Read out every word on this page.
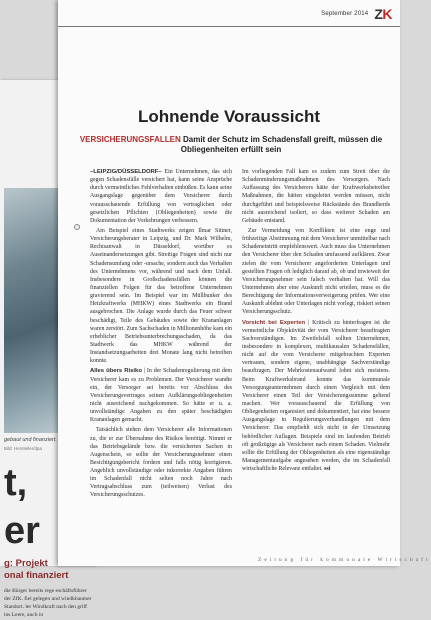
gebaut und finanziert.
Bild: Hersteller/dpa
t,
er
g: Projekt
onal finanziert
die Bürger bereits rege eschäftsführer der ZfK. fiel gelegen und windkbaumer Standort. ler Windkraft nach den griff ins Leere, auch in
September 2014 ZK
Lohnende Voraussicht
VERSICHERUNGSFALLEN Damit der Schutz im Schadensfall greift, müssen die Obliegenheiten erfüllt sein

–LEIPZIG/DÜSSELDORF– Ein Unternehmen, das sich gegen Schadensfälle versichert hat, kann seine Ansprüche durch vermeintliches Fehlverhalten einbüßen. Es kann seine Ausgangslage gegenüber dem Versicherer durch vorausschauende Erfüllung von vertraglichen oder gesetzlichen Pflichten (Obliegenheiten) sowie die Dokumentation der Vorkehrungen verbessern.

Am Beispiel eines Stadtwerks zeigen Ilmar Sittner, Versicherungsberater in Leipzig, und Dr. Mark Wilhelm, Rechtsanwalt in Düsseldorf, worüber es Auseinandersetzungen gibt. Streitige Fragen sind nicht nur Schadensumfang oder -ursache, sondern auch das Verhalten des Unternehmens vor, während und nach dem Unfall. Insbesondere in Großschadensfällen können die finanziellen Folgen für das betroffene Unternehmen gravierend sein. Im Beispiel war im Müllbunker des Heizkraftwerks (MHKW) eines Stadtwerks ein Brand ausgebrochen. Die Anlage wurde durch das Feuer schwer beschädigt, Teile des Gebäudes sowie der Krananlagen waren zerstört. Zum Sachschaden in Millionenhöhe kam ein erheblicher Betriebsunterbrechungsschaden, da das Stadtwerk das MHKW während der Instandsetzungsarbeiten drei Monate lang nicht betreiben konnte.

Alles übers Risiko | In der Schadenregulierung mit dem Versicherer kam es zu Problemen. Der Versicherer wandte ein, der Versorger sei bereits vor Abschluss des Versicherungsvertrages seinen Aufklärungsobliegenheiten nicht ausreichend nachgekommen. So hätte er u. a. unvollständige Angaben zu den später beschädigten Krananlagen gemacht.

Tatsächlich stehen dem Versicherer alle Informationen zu, die er zur Übernahme des Risikos benötigt. Nimmt er das Betriebsgelände bzw. die versicherten Sachen in Augenschein, so sollte der Versicherungsnehmer einen Besichtigungsbericht fordern und falls nötig korrigieren. Angeblich unvollständige oder inkorrekte Angaben führen im Schadenfall nicht selten noch Jahre nach Vertragsabschluss zum (teilweisen) Verlust des Versicherungsschutzes.

Im vorliegenden Fall kam es zudem zum Streit über die Schadenminderungsmaßnahmen des Versorgers. Nach Auffassung des Versicherers hätte der Kraftwerksbetreiber Maßnahmen, die hätten eingeleitet werden müssen, nicht durchgeführt und beispielsweise Rückstände des Brandherds nicht ausreichend isoliert, so dass weiterer Schaden am Gebäude entstand.

Zur Vermeidung von Konflikten ist eine enge und frühzeitige Abstimmung mit dem Versicherer unmittelbar nach Schadeneintritt empfehlenswert. Auch muss das Unternehmen den Versicherer über den Schaden umfassend aufklären. Zwar zielen die vom Versicherer angeforderten Unterlagen und gestellten Fragen oft lediglich darauf ab, ob und inwieweit der Versicherungsnehmer sein falsch verhalten hat. Will das Unternehmen aber eine Auskunft nicht erteilen, muss es die Berechtigung der Informationsverweigerung prüfen. Wer eine Auskunft ablehnt oder Unterlagen nicht vorlegt, riskiert seinen Versicherungsschutz.

Vorsicht bei Experten | Kritisch zu hinterfragen ist die vermeintliche Objektivität der vom Versicherer beauftragten Sachverständigen. Im Zweifelsfall sollten Unternehmen, insbesondere in komplexen, multikausalen Schadensfällen, nicht auf die vom Versicherer mitgebrachten Experten vertrauen, sondern eigene, unabhängige Sachverständige beauftragen. Der Mehrkostenaufwand lohnt sich meistens. Beim Kraftwerksbrand konnte das kommunale Versorgungsunternehmen durch einen Vergleich mit dem Versicherer einen Teil der Versicherungssumme geltend machen. Wer vorausschauend die Erfüllung von Obliegenheiten organisiert und dokumentiert, hat eine bessere Ausgangslage in Regulierungsverhandlungen mit dem Versicherer. Das empfiehlt sich nicht in der Umsetzung behördlicher Auflagen. Beispiele sind im laufenden Betrieb oft großzügige als Versicherer nach einem Schaden. Vielmehr sollte die Erfüllung der Obliegenheiten als eine eigenständige Managementaufgabe angesehen werden, die im Schadenfall wirtschaftliche Relevanz entfaltet. ssi

Zeitung für kommunale Wirtschaft
